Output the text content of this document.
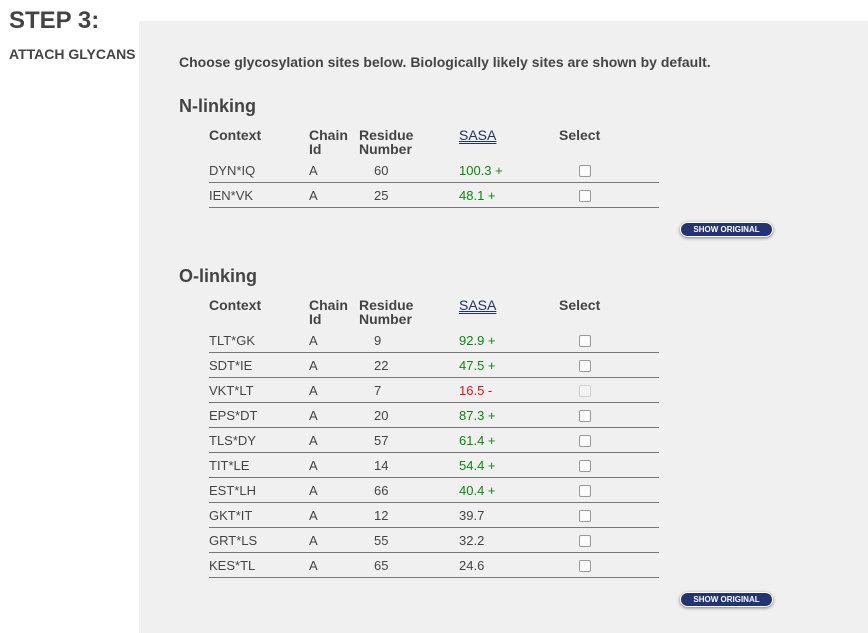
STEP 3:
ATTACH GLYCANS	Choose glycosylation sites below. Biologically likely sites are shown by default.

N-linking
Context	Chain Id	Residue Number	SASA	Select
DYN*IQ	A	60	100.3 +	
IEN*VK	A	25	48.1 +	
SHOW ORIGINAL
O-linking
Context	Chain Id	Residue Number	SASA	Select
TLT*GK	A	9	92.9 +	
SDT*IE	A	22	47.5 +	
VKT*LT	A	7	16.5 -	
EPS*DT	A	20	87.3 +	
TLS*DY	A	57	61.4 +	
TIT*LE	A	14	54.4 +	
EST*LH	A	66	40.4 +	
GKT*IT	A	12	39.7	
GRT*LS	A	55	32.2	
KES*TL	A	65	24.6	
SHOW ORIGINAL
